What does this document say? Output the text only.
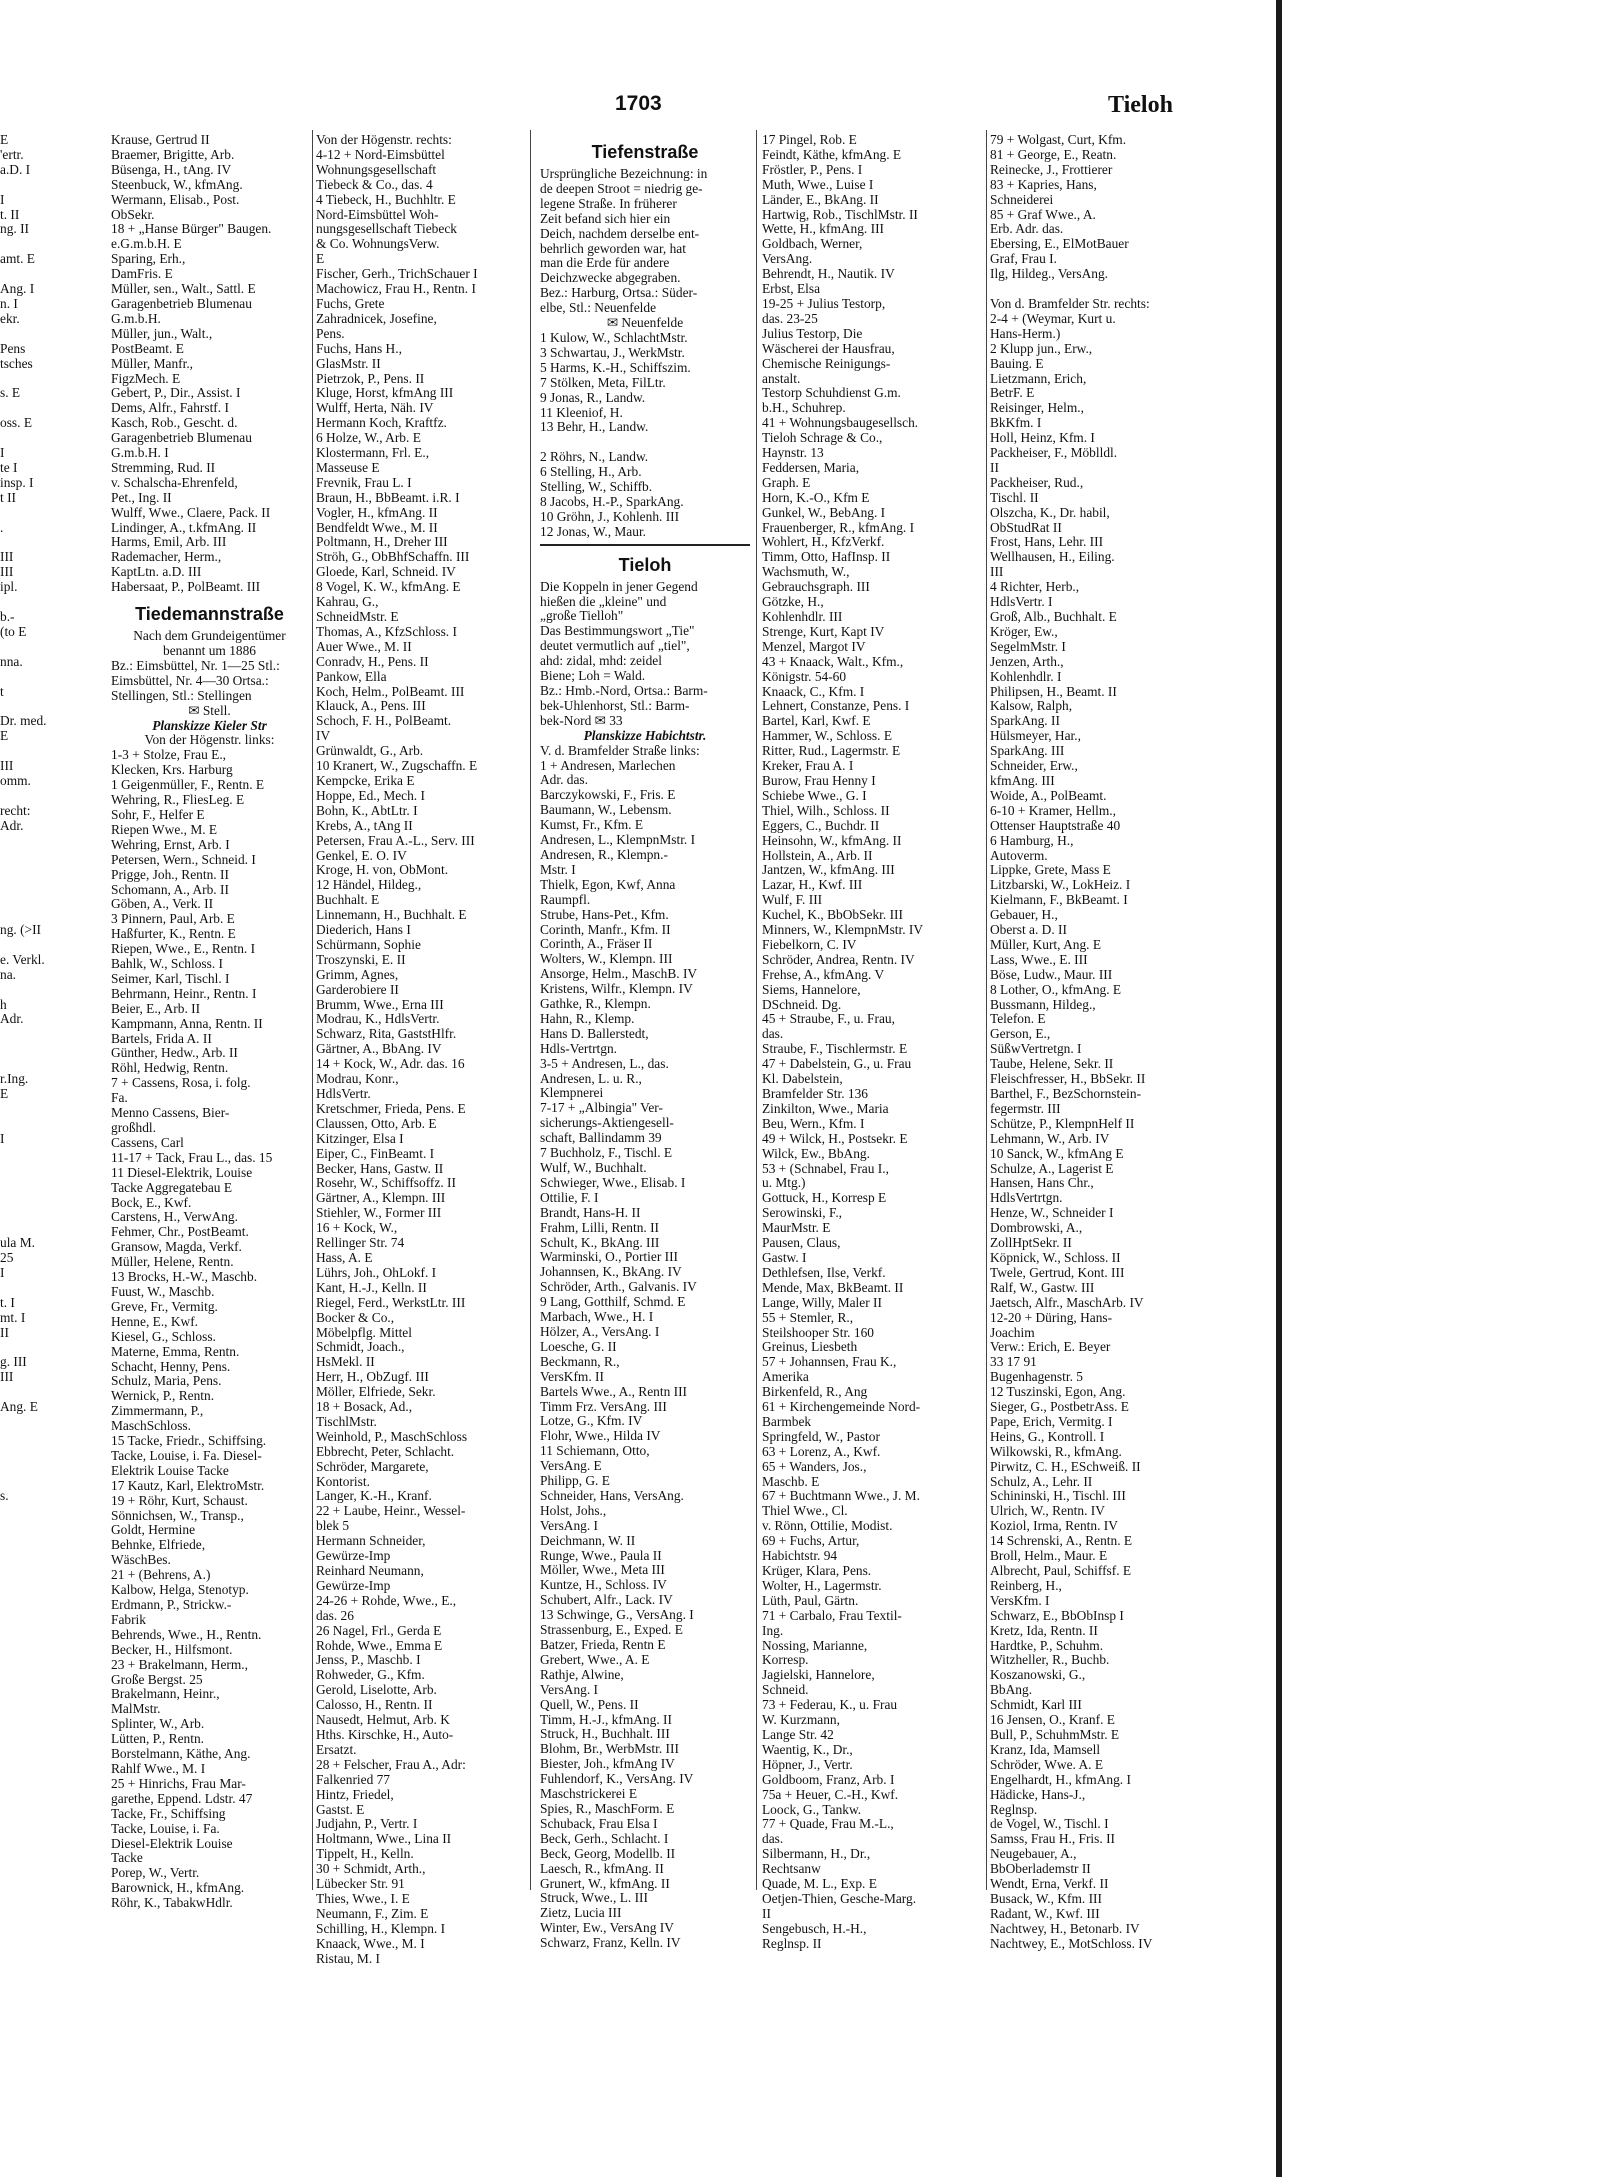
1703	Tieloh
E
'ertr.
a.D. I

I
t. II
ng. II

amt. E

Ang. I
n. I
ekr.

Pens
tsches

s. E

oss. E

I
te I
insp. I
t II

.

III
III
ipl.

b.-
(to E

nna.

t

Dr. med.
E

III
omm.

recht:
Adr.

ng. (>II

e. Verkl.
na.

h
Adr.

r.Ing.
E

I

ula M.
25
I

t. I
mt. I
II

g. III
III

Ang. E

s.
Krause, Gertrud II
Braemer, Brigitte, Arb.
Büsenga, H., tAng. IV
Steenbuck, W., kfmAng.
Wermann, Elisab., Post.
ObSekr.
18 + „Hanse Bürger" Baugen.
e.G.m.b.H. E
Sparing, Erh.,
DamFris. E
Müller, sen., Walt., Sattl. E
Garagenbetrieb Blumenau
G.m.b.H.
Müller, jun., Walt.,
PostBeamt. E
Müller, Manfr.,
FigzMech. E
Gebert, P., Dir., Assist. I
Dems, Alfr., Fahrstf. I
Kasch, Rob., Gescht. d.
Garagenbetrieb Blumenau
G.m.b.H. I
Stremming, Rud. II
v. Schalscha-Ehrenfeld,
Pet., Ing. II
Wulff, Wwe., Claere, Pack. II
Lindinger, A., t.kfmAng. II
Harms, Emil, Arb. III
Rademacher, Herm.,
KaptLtn. a.D. III
Habersaat, P., PolBeamt. III
Tiedemannstraße
Nach dem Grundeigentümer
benannt um 1886
Bz.: Eimsbüttel, Nr. 1—25 Stl.:
Eimsbüttel, Nr. 4—30 Ortsa.:
Stellingen, Stl.: Stellingen
✉ Stell.
Planskizze Kieler Str
Von der Högenstr. links:
1-3 + Stolze, Frau E.,
Klecken, Krs. Harburg
1 Geigenmüller, F., Rentn. E
Wehring, R., FliesLeg. E
Sohr, F., Helfer E
Riepen Wwe., M. E
Wehring, Ernst, Arb. I
Petersen, Wern., Schneid. I
Prigge, Joh., Rentn. II
Schomann, A., Arb. II
Göben, A., Verk. II
3 Pinnern, Paul, Arb. E
Haßfurter, K., Rentn. E
Riepen, Wwe., E., Rentn. I
Bahlk, W., Schloss. I
Seimer, Karl, Tischl. I
Behrmann, Heinr., Rentn. I
Beier, E., Arb. II
Kampmann, Anna, Rentn. II
Bartels, Frida A. II
Günther, Hedw., Arb. II
Röhl, Hedwig, Rentn.
7 + Cassens, Rosa, i. folg.
Fa.
Menno Cassens, Bier-
großhdl.
Cassens, Carl
11-17 + Tack, Frau L., das. 15
11 Diesel-Elektrik, Louise
Tacke Aggregatebau E
Bock, E., Kwf.
Carstens, H., VerwAng.
Fehmer, Chr., PostBeamt.
Gransow, Magda, Verkf.
Müller, Helene, Rentn.
13 Brocks, H.-W., Maschb.
Fuust, W., Maschb.
Greve, Fr., Vermitg.
Henne, E., Kwf.
Kiesel, G., Schloss.
Materne, Emma, Rentn.
Schacht, Henny, Pens.
Schulz, Maria, Pens.
Wernick, P., Rentn.
Zimmermann, P.,
MaschSchloss.
15 Tacke, Friedr., Schiffsing.
Tacke, Louise, i. Fa. Diesel-
Elektrik Louise Tacke
17 Kautz, Karl, ElektroMstr.
19 + Röhr, Kurt, Schaust.
Sönnichsen, W., Transp.,
Goldt, Hermine
Behnke, Elfriede,
WäschBes.
21 + (Behrens, A.)
Kalbow, Helga, Stenotyp.
Erdmann, P., Strickw.-
Fabrik
Behrends, Wwe., H., Rentn.
Becker, H., Hilfsmont.
23 + Brakelmann, Herm.,
Große Bergst. 25
Brakelmann, Heinr.,
MalMstr.
Splinter, W., Arb.
Lütten, P., Rentn.
Borstelmann, Käthe, Ang.
Rahlf Wwe., M. I
25 + Hinrichs, Frau Mar-
garethe, Eppend. Ldstr. 47
Tacke, Fr., Schiffsing
Tacke, Louise, i. Fa.
Diesel-Elektrik Louise
Tacke
Porep, W., Vertr.
Barownick, H., kfmAng.
Röhr, K., TabakwHdlr.
Von der Högenstr. rechts:
4-12 + Nord-Eimsbüttel
Wohnungsgesellschaft
Tiebeck & Co., das. 4
4 Tiebeck, H., Buchhltr. E
Nord-Eimsbüttel Woh-
nungsgesellschaft Tiebeck
& Co. WohnungsVerw.
E
Fischer, Gerh., TrichSchauer I
Machowicz, Frau H., Rentn. I
Fuchs, Grete
Zahradnicek, Josefine,
Pens.
Fuchs, Hans H.,
GlasMstr. II
Pietrzok, P., Pens. II
Kluge, Horst, kfmAng III
Wulff, Herta, Näh. IV
Hermann Koch, Kraftfz.
6 Holze, W., Arb. E
Klostermann, Frl. E.,
Masseuse E
Frevnik, Frau L. I
Braun, H., BbBeamt. i.R. I
Vogler, H., kfmAng. II
Bendfeldt Wwe., M. II
Poltmann, H., Dreher III
Ströh, G., ObBhfSchaffn. III
Gloede, Karl, Schneid. IV
8 Vogel, K. W., kfmAng. E
Kahrau, G.,
SchneidMstr. E
Thomas, A., KfzSchloss. I
Auer Wwe., M. II
Conradv, H., Pens. II
Pankow, Ella
Koch, Helm., PolBeamt. III
Klauck, A., Pens. III
Schoch, F. H., PolBeamt.
IV
Grünwaldt, G., Arb.
10 Kranert, W., Zugschaffn. E
Kempcke, Erika E
Hoppe, Ed., Mech. I
Bohn, K., AbtLtr. I
Krebs, A., tAng II
Petersen, Frau A.-L., Serv. III
Genkel, E. O. IV
Kroge, H. von, ObMont.
12 Händel, Hildeg.,
Buchhalt. E
Linnemann, H., Buchhalt. E
Diederich, Hans I
Schürmann, Sophie
Troszynski, E. II
Grimm, Agnes,
Garderobiere II
Brumm, Wwe., Erna III
Modrau, K., HdlsVertr.
Schwarz, Rita, GaststHlfr.
Gärtner, A., BbAng. IV
14 + Kock, W., Adr. das. 16
Modrau, Konr.,
HdlsVertr.
Kretschmer, Frieda, Pens. E
Claussen, Otto, Arb. E
Kitzinger, Elsa I
Eiper, C., FinBeamt. I
Becker, Hans, Gastw. II
Rosehr, W., Schiffsoffz. II
Gärtner, A., Klempn. III
Stiehler, W., Former III
16 + Kock, W.,
Rellinger Str. 74
Hass, A. E
Lührs, Joh., OhLokf. I
Kant, H.-J., Kelln. II
Riegel, Ferd., WerkstLtr. III
Bocker & Co.,
Möbelpflg. Mittel
Schmidt, Joach.,
HsMekl. II
Herr, H., ObZugf. III
Möller, Elfriede, Sekr.
18 + Bosack, Ad.,
TischlMstr.
Weinhold, P., MaschSchloss
Ebbrecht, Peter, Schlacht.
Schröder, Margarete,
Kontorist.
Langer, K.-H., Kranf.
22 + Laube, Heinr., Wessel-
blek 5
Hermann Schneider,
Gewürze-Imp
Reinhard Neumann,
Gewürze-Imp
24-26 + Rohde, Wwe., E.,
das. 26
26 Nagel, Frl., Gerda E
Rohde, Wwe., Emma E
Jenss, P., Maschb. I
Rohweder, G., Kfm.
Gerold, Liselotte, Arb.
Calosso, H., Rentn. II
Nausedt, Helmut, Arb. K
Hths. Kirschke, H., Auto-
Ersatzt.
28 + Felscher, Frau A., Adr:
Falkenried 77
Hintz, Friedel,
Gastst. E
Judjahn, P., Vertr. I
Holtmann, Wwe., Lina II
Tippelt, H., Kelln.
30 + Schmidt, Arth.,
Lübecker Str. 91
Thies, Wwe., I. E
Neumann, F., Zim. E
Schilling, H., Klempn. I
Knaack, Wwe., M. I
Ristau, M. I
Tiefenstraße
Ursprüngliche Bezeichnung: in
de deepen Stroot = niedrig ge-
legene Straße. In früherer
Zeit befand sich hier ein
Deich, nachdem derselbe ent-
behrlich geworden war, hat
man die Erde für andere
Deichzwecke abgegraben.
Bez.: Harburg, Ortsa.: Süder-
elbe, Stl.: Neuenfelde
✉ Neuenfelde
1 Kulow, W., SchlachtMstr.
3 Schwartau, J., WerkMstr.
5 Harms, K.-H., Schiffszim.
7 Stölken, Meta, FilLtr.
9 Jonas, R., Landw.
11 Kleeniof, H.
13 Behr, H., Landw.

2 Röhrs, N., Landw.
6 Stelling, H., Arb.
Stelling, W., Schiffb.
8 Jacobs, H.-P., SparkAng.
10 Gröhn, J., Kohlenh. III
12 Jonas, W., Maur.

Tieloh
Die Koppeln in jener Gegend
hießen die „kleine" und
„große Tielloh"
Das Bestimmungswort „Tie"
deutet vermutlich auf „tiel",
ahd: zidal, mhd: zeidel
Biene; Loh = Wald.
Bz.: Hmb.-Nord, Ortsa.: Barm-
bek-Uhlenhorst, Stl.: Barm-
bek-Nord ✉ 33
Planskizze Habichtstr.
V. d. Bramfelder Straße links:
1 + Andresen, Marlechen
Adr. das.
Barczykowski, F., Fris. E
Baumann, W., Lebensm.
Kumst, Fr., Kfm. E
Andresen, L., KlempnMstr. I
Andresen, R., Klempn.-
Mstr. I
Thielk, Egon, Kwf, Anna
Raumpfl.
Strube, Hans-Pet., Kfm.
Corinth, Manfr., Kfm. II
Corinth, A., Fräser II
Wolters, W., Klempn. III
Ansorge, Helm., MaschB. IV
Kristens, Wilfr., Klempn. IV
Gathke, R., Klempn.
Hahn, R., Klemp.
Hans D. Ballerstedt,
Hdls-Vertrtgn.
3-5 + Andresen, L., das.
Andresen, L. u. R.,
Klempnerei
7-17 + „Albingia" Ver-
sicherungs-Aktiengesell-
schaft, Ballindamm 39
7 Buchholz, F., Tischl. E
Wulf, W., Buchhalt.
Schwieger, Wwe., Elisab. I
Ottilie, F. I
Brandt, Hans-H. II
Frahm, Lilli, Rentn. II
Schult, K., BkAng. III
Warminski, O., Portier III
Johannsen, K., BkAng. IV
Schröder, Arth., Galvanis. IV
9 Lang, Gotthilf, Schmd. E
Marbach, Wwe., H. I
Hölzer, A., VersAng. I
Loesche, G. II
Beckmann, R.,
VersKfm. II
Bartels Wwe., A., Rentn III
Timm Frz. VersAng. III
Lotze, G., Kfm. IV
Flohr, Wwe., Hilda IV
11 Schiemann, Otto,
VersAng. E
Philipp, G. E
Schneider, Hans, VersAng.
Holst, Johs.,
VersAng. I
Deichmann, W. II
Runge, Wwe., Paula II
Möller, Wwe., Meta III
Kuntze, H., Schloss. IV
Schubert, Alfr., Lack. IV
13 Schwinge, G., VersAng. I
Strassenburg, E., Exped. E
Batzer, Frieda, Rentn E
Grebert, Wwe., A. E
Rathje, Alwine,
VersAng. I
Quell, W., Pens. II
Timm, H.-J., kfmAng. II
Struck, H., Buchhalt. III
Blohm, Br., WerbMstr. III
Biester, Joh., kfmAng IV
Fuhlendorf, K., VersAng. IV
Maschstrickerei E
Spies, R., MaschForm. E
Schuback, Frau Elsa I
Beck, Gerh., Schlacht. I
Beck, Georg, Modellb. II
Laesch, R., kfmAng. II
Grunert, W., kfmAng. II
Struck, Wwe., L. III
Zietz, Lucia III
Winter, Ew., VersAng IV
Schwarz, Franz, Kelln. IV
17 Pingel, Rob. E
Feindt, Käthe, kfmAng. E
Fröstler, P., Pens. I
Muth, Wwe., Luise I
Länder, E., BkAng. II
Hartwig, Rob., TischlMstr. II
Wette, H., kfmAng. III
Goldbach, Werner,
VersAng.
Behrendt, H., Nautik. IV
Erbst, Elsa
19-25 + Julius Testorp,
das. 23-25
Julius Testorp, Die
Wäscherei der Hausfrau,
Chemische Reinigungs-
anstalt.
Testorp Schuhdienst G.m.
b.H., Schuhrep.
41 + Wohnungsbaugesellsch.
Tieloh Schrage & Co.,
Haynstr. 13
Feddersen, Maria,
Graph. E
Horn, K.-O., Kfm E
Gunkel, W., BebAng. I
Frauenberger, R., kfmAng. I
Wohlert, H., KfzVerkf.
Timm, Otto, HafInsp. II
Wachsmuth, W.,
Gebrauchsgraph. III
Götzke, H.,
Kohlenhdlr. III
Strenge, Kurt, Kapt IV
Menzel, Margot IV
43 + Knaack, Walt., Kfm.,
Königstr. 54-60
Knaack, C., Kfm. I
Lehnert, Constanze, Pens. I
Bartel, Karl, Kwf. E
Hammer, W., Schloss. E
Ritter, Rud., Lagermstr. E
Kreker, Frau A. I
Burow, Frau Henny I
Schiebe Wwe., G. I
Thiel, Wilh., Schloss. II
Eggers, C., Buchdr. II
Heinsohn, W., kfmAng. II
Hollstein, A., Arb. II
Jantzen, W., kfmAng. III
Lazar, H., Kwf. III
Wulf, F. III
Kuchel, K., BbObSekr. III
Minners, W., KlempnMstr. IV
Fiebelkorn, C. IV
Schröder, Andrea, Rentn. IV
Frehse, A., kfmAng. V
Siems, Hannelore,
DSchneid. Dg.
45 + Straube, F., u. Frau,
das.
Straube, F., Tischlermstr. E
47 + Dabelstein, G., u. Frau
Kl. Dabelstein,
Bramfelder Str. 136
Zinkilton, Wwe., Maria
Beu, Wern., Kfm. I
49 + Wilck, H., Postsekr. E
Wilck, Ew., BbAng.
53 + (Schnabel, Frau I.,
u. Mtg.)
Gottuck, H., Korresp E
Serowinski, F.,
MaurMstr. E
Pausen, Claus,
Gastw. I
Dethlefsen, Ilse, Verkf.
Mende, Max, BkBeamt. II
Lange, Willy, Maler II
55 + Stemler, R.,
Steilshooper Str. 160
Greinus, Liesbeth
57 + Johannsen, Frau K.,
Amerika
Birkenfeld, R., Ang
61 + Kirchengemeinde Nord-
Barmbek
Springfeld, W., Pastor
63 + Lorenz, A., Kwf.
65 + Wanders, Jos.,
Maschb. E
67 + Buchtmann Wwe., J. M.
Thiel Wwe., Cl.
v. Rönn, Ottilie, Modist.
69 + Fuchs, Artur,
Habichtstr. 94
Krüger, Klara, Pens.
Wolter, H., Lagermstr.
Lüth, Paul, Gärtn.
71 + Carbalo, Frau Textil-
Ing.
Nossing, Marianne,
Korresp.
Jagielski, Hannelore,
Schneid.
73 + Federau, K., u. Frau
W. Kurzmann,
Lange Str. 42
Waentig, K., Dr.,
Höpner, J., Vertr.
Goldboom, Franz, Arb. I
75a + Heuer, C.-H., Kwf.
Loock, G., Tankw.
77 + Quade, Frau M.-L.,
das.
Silbermann, H., Dr.,
Rechtsanw
Quade, M. L., Exp. E
Oetjen-Thien, Gesche-Marg.
II
Sengebusch, H.-H.,
Reglnsp. II
79 + Wolgast, Curt, Kfm.
81 + George, E., Reatn.
Reinecke, J., Frottierer
83 + Kapries, Hans,
Schneiderei
85 + Graf Wwe., A.
Erb. Adr. das.
Ebersing, E., ElMotBauer
Graf, Frau I.
Ilg, Hildeg., VersAng.

Von d. Bramfelder Str. rechts:
2-4 + (Weymar, Kurt u.
Hans-Herm.)
2 Klupp jun., Erw.,
Bauing. E
Lietzmann, Erich,
BetrF. E
Reisinger, Helm.,
BkKfm. I
Holl, Heinz, Kfm. I
Packheiser, F., Möblldl.
II
Packheiser, Rud.,
Tischl. II
Olszcha, K., Dr. habil,
ObStudRat II
Frost, Hans, Lehr. III
Wellhausen, H., Eiling.
III
4 Richter, Herb.,
HdlsVertr. I
Groß, Alb., Buchhalt. E
Kröger, Ew.,
SegelmMstr. I
Jenzen, Arth.,
Kohlenhdlr. I
Philipsen, H., Beamt. II
Kalsow, Ralph,
SparkAng. II
Hülsmeyer, Har.,
SparkAng. III
Schneider, Erw.,
kfmAng. III
Woide, A., PolBeamt.
6-10 + Kramer, Hellm.,
Ottenser Hauptstraße 40
6 Hamburg, H.,
Autoverm.
Lippke, Grete, Mass E
Litzbarski, W., LokHeiz. I
Kielmann, F., BkBeamt. I
Gebauer, H.,
Oberst a. D. II
Müller, Kurt, Ang. E
Lass, Wwe., E. III
Böse, Ludw., Maur. III
8 Lother, O., kfmAng. E
Bussmann, Hildeg.,
Telefon. E
Gerson, E.,
SüßwVertretgn. I
Taube, Helene, Sekr. II
Fleischfresser, H., BbSekr. II
Barthel, F., BezSchornstein-
fegermstr. III
Schütze, P., KlempnHelf II
Lehmann, W., Arb. IV
10 Sanck, W., kfmAng E
Schulze, A., Lagerist E
Hansen, Hans Chr.,
HdlsVertrtgn.
Henze, W., Schneider I
Dombrowski, A.,
ZollHptSekr. II
Köpnick, W., Schloss. II
Twele, Gertrud, Kont. III
Ralf, W., Gastw. III
Jaetsch, Alfr., MaschArb. IV
12-20 + Düring, Hans-
Joachim
Verw.: Erich, E. Beyer
33 17 91
Bugenhagenstr. 5
12 Tuszinski, Egon, Ang.
Sieger, G., PostbetrAss. E
Pape, Erich, Vermitg. I
Heins, G., Kontroll. I
Wilkowski, R., kfmAng.
Pirwitz, C. H., ESchweiß. II
Schulz, A., Lehr. II
Schininski, H., Tischl. III
Ulrich, W., Rentn. IV
Koziol, Irma, Rentn. IV
14 Schrenski, A., Rentn. E
Broll, Helm., Maur. E
Albrecht, Paul, Schiffsf. E
Reinberg, H.,
VersKfm. I
Schwarz, E., BbObInsp I
Kretz, Ida, Rentn. II
Hardtke, P., Schuhm.
Witzheller, R., Buchb.
Koszanowski, G.,
BbAng.
Schmidt, Karl III
16 Jensen, O., Kranf. E
Bull, P., SchuhmMstr. E
Kranz, Ida, Mamsell
Schröder, Wwe. A. E
Engelhardt, H., kfmAng. I
Hädicke, Hans-J.,
Reglnsp.
de Vogel, W., Tischl. I
Samss, Frau H., Fris. II
Neugebauer, A.,
BbOberlademstr II
Wendt, Erna, Verkf. II
Busack, W., Kfm. III
Radant, W., Kwf. III
Nachtwey, H., Betonarb. IV
Nachtwey, E., MotSchloss. IV
